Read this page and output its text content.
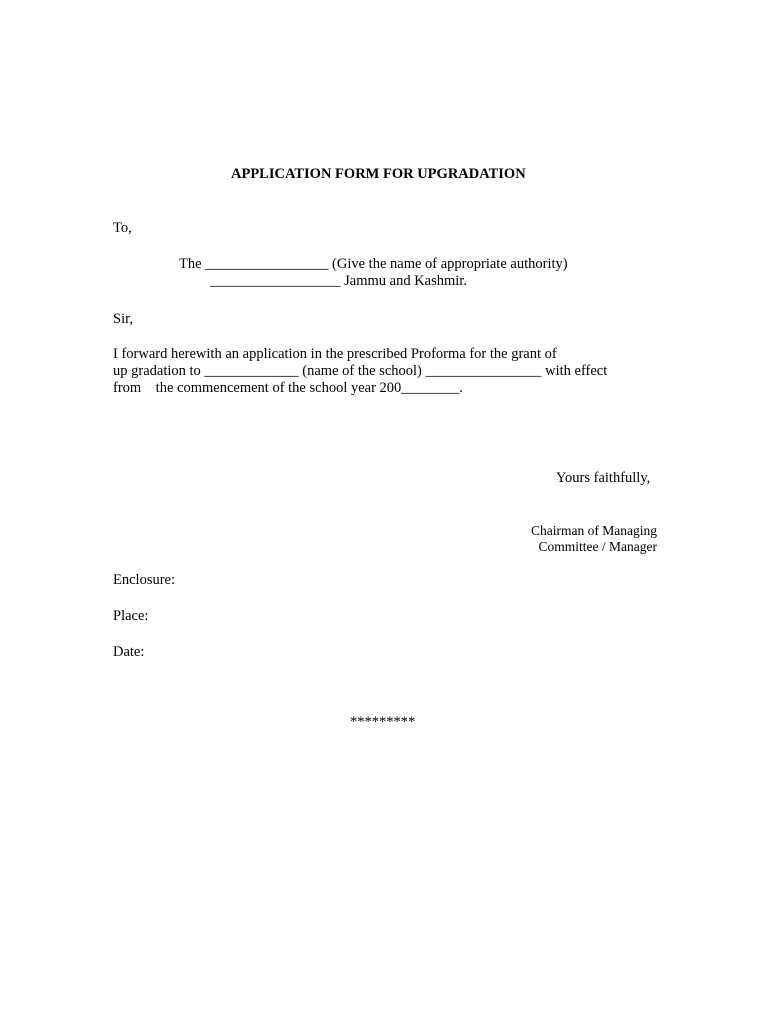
APPLICATION FORM FOR UPGRADATION
To,
The _________________ (Give the name of appropriate authority)
__________________ Jammu and Kashmir.
Sir,
I forward herewith an application in the prescribed Proforma for the grant of
up gradation to _____________ (name of the school) ________________ with effect
from    the commencement of the school year 200________.
Yours faithfully,
Chairman of Managing
Committee / Manager
Enclosure:
Place:
Date:
*********
